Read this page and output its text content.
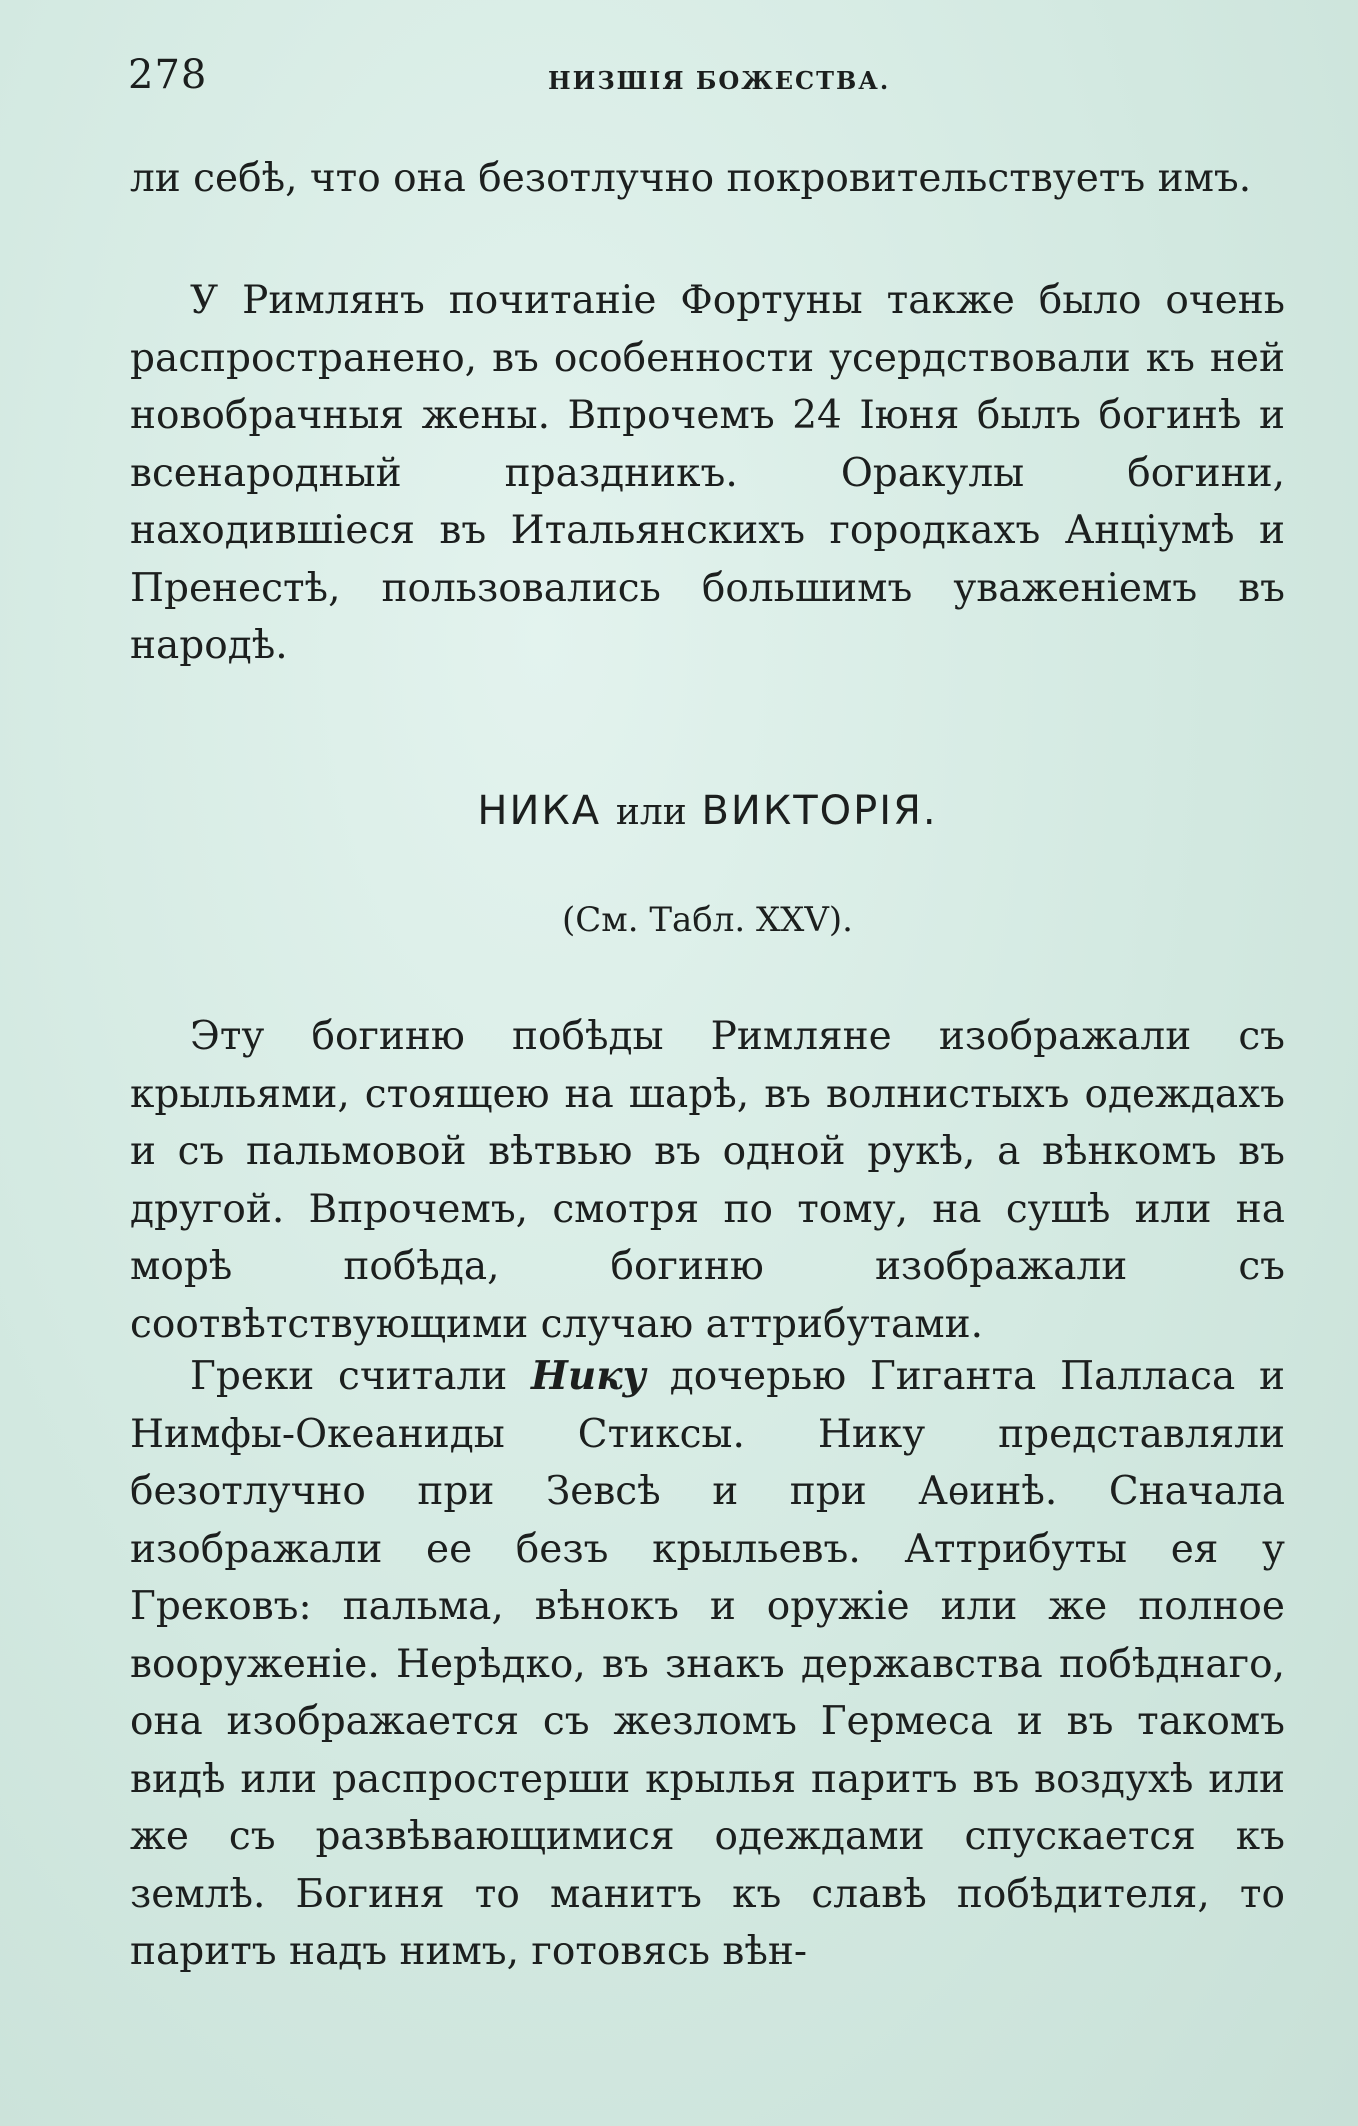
278	НИЗШІЯ БОЖЕСТВА.

ли себѣ, что она безотлучно покровительствуетъ имъ.

У Римлянъ почитаніе Фортуны также было очень распространено, въ особенности усердствовали къ ней новобрачныя жены. Впрочемъ 24 Іюня былъ богинѣ и всенародный праздникъ. Оракулы богини, находившіеся въ Итальянскихъ городкахъ Анціумѣ и Пренестѣ, пользовались большимъ уваженіемъ въ народѣ.

НИКА или ВИКТОРІЯ.
(См. Табл. XXV).

Эту богиню побѣды Римляне изображали съ крыльями, стоящею на шарѣ, въ волнистыхъ одеждахъ и съ пальмовой вѣтвью въ одной рукѣ, а вѣнкомъ въ другой. Впрочемъ, смотря по тому, на сушѣ или на морѣ побѣда, богиню изображали съ соотвѣтствующими случаю аттрибутами.

Греки считали Нику дочерью Гиганта Палласа и Нимфы-Океаниды Стиксы. Нику представляли безотлучно при Зевсѣ и при Аѳинѣ. Сначала изображали ее безъ крыльевъ. Аттрибуты ея у Грековъ: пальма, вѣнокъ и оружіе или же полное вооруженіе. Нерѣдко, въ знакъ державства побѣднаго, она изображается съ жезломъ Гермеса и въ такомъ видѣ или распростерши крылья паритъ въ воздухѣ или же съ развѣвающимися одеждами спускается къ землѣ. Богиня то манитъ къ славѣ побѣдителя, то паритъ надъ нимъ, готовясь вѣн-
